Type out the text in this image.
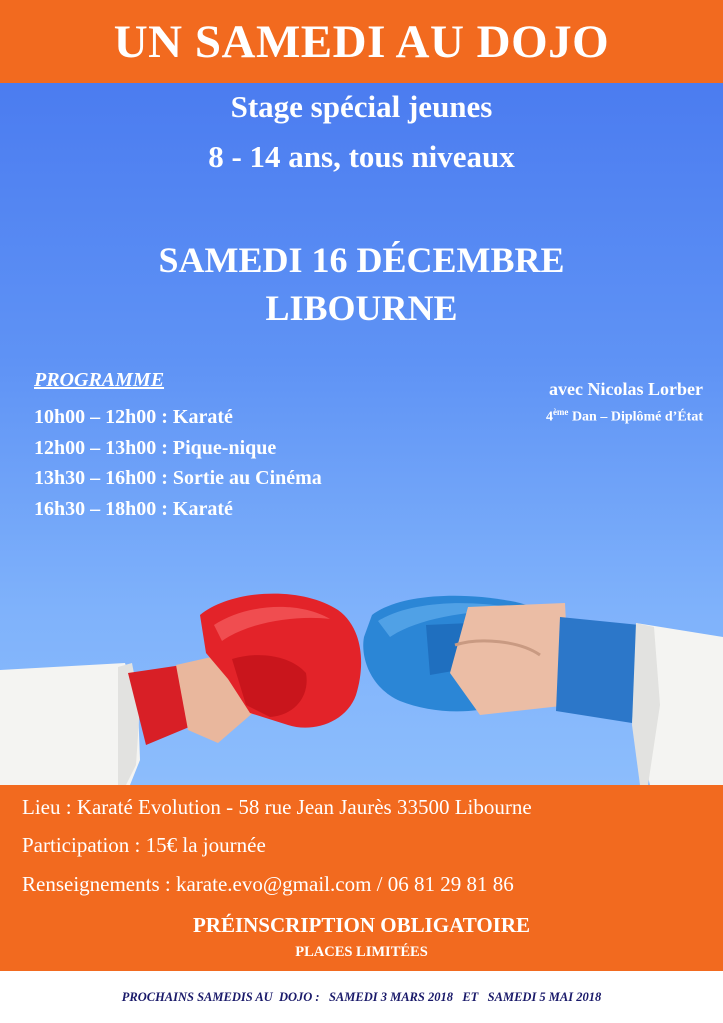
UN SAMEDI AU DOJO
Stage spécial jeunes
8 - 14 ans, tous niveaux
SAMEDI 16 DÉCEMBRE
LIBOURNE
PROGRAMME
10h00 – 12h00 : Karaté
12h00 – 13h00 : Pique-nique
13h30 – 16h00 : Sortie au Cinéma
16h30 – 18h00 : Karaté
avec Nicolas Lorber
4ème Dan – Diplômé d’État
Lieu : Karaté Evolution - 58 rue Jean Jaurès 33500 Libourne
Participation : 15€ la journée
Renseignements : karate.evo@gmail.com / 06 81 29 81 86
PRÉINSCRIPTION OBLIGATOIRE
PLACES LIMITÉES
PROCHAINS SAMEDIS AU  DOJO :   SAMEDI 3 MARS 2018   ET   SAMEDI 5 MAI 2018
